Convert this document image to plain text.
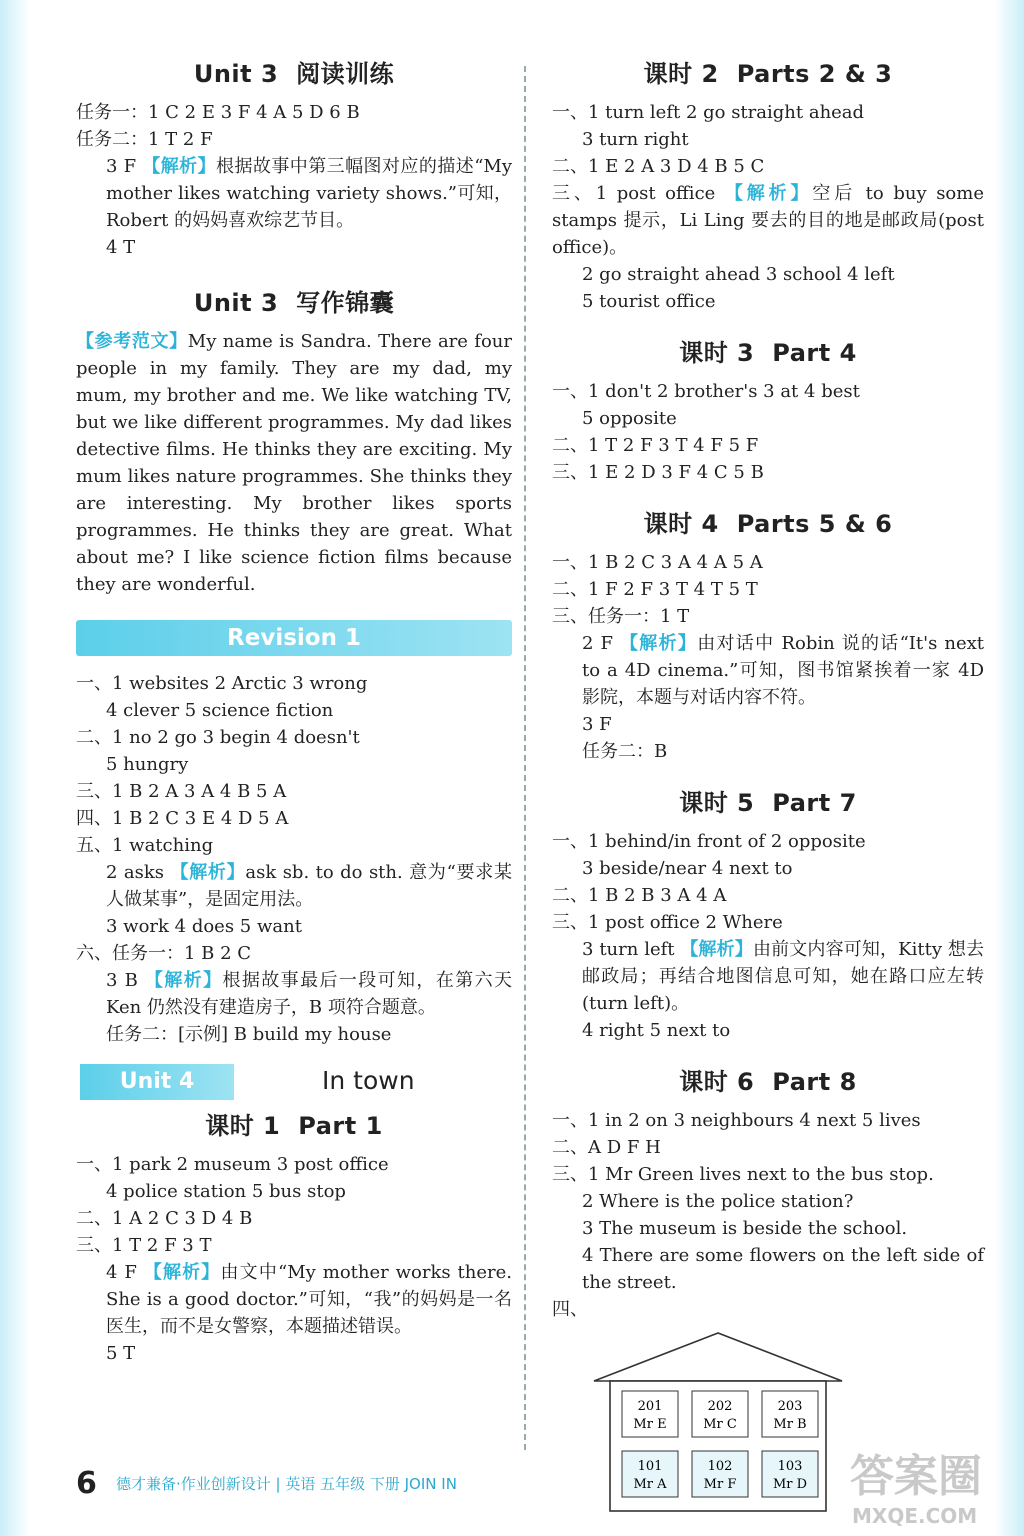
Unit 3 阅读训练
任务一：1 C 2 E 3 F 4 A 5 D 6 B
任务二：1 T 2 F
3 F 【解析】根据故事中第三幅图对应的描述“My mother likes watching variety shows.”可知，Robert 的妈妈喜欢综艺节目。
4 T
Unit 3 写作锦囊
【参考范文】My name is Sandra. There are four people in my family. They are my dad, my mum, my brother and me. We like watching TV, but we like different programmes. My dad likes detective films. He thinks they are exciting. My mum likes nature programmes. She thinks they are interesting. My brother likes sports programmes. He thinks they are great. What about me? I like science fiction films because they are wonderful.
Revision 1
一、1 websites 2 Arctic 3 wrong
4 clever 5 science fiction
二、1 no 2 go 3 begin 4 doesn't
5 hungry
三、1 B 2 A 3 A 4 B 5 A
四、1 B 2 C 3 E 4 D 5 A
五、1 watching
2 asks 【解析】ask sb. to do sth. 意为“要求某人做某事”，是固定用法。
3 work 4 does 5 want
六、任务一：1 B 2 C
3 B 【解析】根据故事最后一段可知，在第六天 Ken 仍然没有建造房子，B 项符合题意。
任务二：[示例] B build my house
Unit 4	In town
课时 1 Part 1
一、1 park 2 museum 3 post office
4 police station 5 bus stop
二、1 A 2 C 3 D 4 B
三、1 T 2 F 3 T
4 F 【解析】由文中“My mother works there. She is a good doctor.”可知，“我”的妈妈是一名医生，而不是女警察，本题描述错误。
5 T
课时 2 Parts 2 & 3
一、1 turn left 2 go straight ahead
3 turn right
二、1 E 2 A 3 D 4 B 5 C
三、1 post office 【解析】空后 to buy some stamps 提示，Li Ling 要去的目的地是邮政局(post office)。
2 go straight ahead 3 school 4 left
5 tourist office
课时 3 Part 4
一、1 don't 2 brother's 3 at 4 best
5 opposite
二、1 T 2 F 3 T 4 F 5 F
三、1 E 2 D 3 F 4 C 5 B
课时 4 Parts 5 & 6
一、1 B 2 C 3 A 4 A 5 A
二、1 F 2 F 3 T 4 T 5 T
三、任务一：1 T
2 F 【解析】由对话中 Robin 说的话“It's next to a 4D cinema.”可知，图书馆紧挨着一家 4D 影院，本题与对话内容不符。
3 F
任务二：B
课时 5 Part 7
一、1 behind/in front of 2 opposite
3 beside/near 4 next to
二、1 B 2 B 3 A 4 A
三、1 post office 2 Where
3 turn left 【解析】由前文内容可知，Kitty 想去邮政局；再结合地图信息可知，她在路口应左转(turn left)。
4 right 5 next to
课时 6 Part 8
一、1 in 2 on 3 neighbours 4 next 5 lives
二、A D F H
三、1 Mr Green lives next to the bus stop.
2 Where is the police station?
3 The museum is beside the school.
4 There are some flowers on the left side of the street.
四、
201
Mr E
202
Mr C
203
Mr B
101
Mr A
102
Mr F
103
Mr D
6 德才兼备·作业创新设计 | 英语 五年级 下册 JOIN IN	答案圈
MXQE.COM
